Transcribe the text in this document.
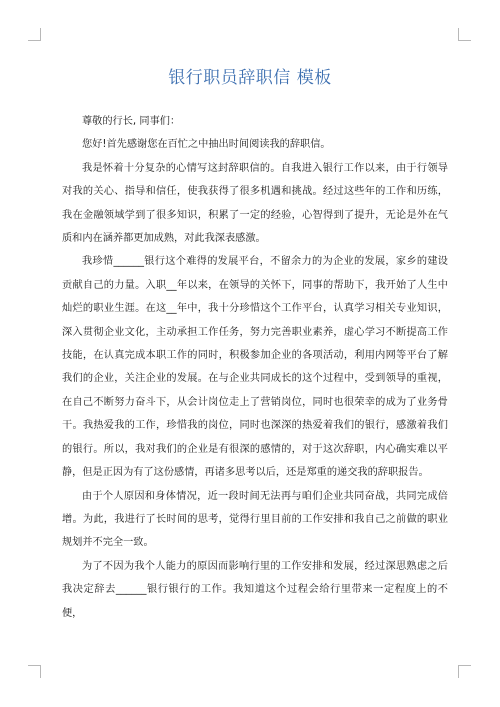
银行职员辞职信 模板

尊敬的行长, 同事们：

您好!首先感谢您在百忙之中抽出时间阅读我的辞职信。

我是怀着十分复杂的心情写这封辞职信的。自我进入银行工作以来，由于行领导对我的关心、指导和信任，使我获得了很多机遇和挑战。经过这些年的工作和历练，我在金融领域学到了很多知识，积累了一定的经验，心智得到了提升，无论是外在气质和内在涵养都更加成熟，对此我深表感激。

我珍惜______银行这个难得的发展平台，不留余力的为企业的发展，家乡的建设贡献自己的力量。入职__年以来，在领导的关怀下，同事的帮助下，我开始了人生中灿烂的职业生涯。在这__年中，我十分珍惜这个工作平台，认真学习相关专业知识，深入贯彻企业文化，主动承担工作任务，努力完善职业素养，虚心学习不断提高工作技能，在认真完成本职工作的同时，积极参加企业的各项活动，利用内网等平台了解我们的企业，关注企业的发展。在与企业共同成长的这个过程中，受到领导的重视，在自己不断努力奋斗下，从会计岗位走上了营销岗位，同时也很荣幸的成为了业务骨干。我热爱我的工作，珍惜我的岗位，同时也深深的热爱着我们的银行，感激着我们的银行。所以，我对我们的企业是有很深的感情的，对于这次辞职，内心确实难以平静，但是正因为有了这份感情，再诸多思考以后，还是郑重的递交我的辞职报告。

由于个人原因和身体情况，近一段时间无法再与咱们企业共同奋战，共同完成倍增。为此，我进行了长时间的思考，觉得行里目前的工作安排和我自己之前做的职业规划并不完全一致。

为了不因为我个人能力的原因而影响行里的工作安排和发展，经过深思熟虑之后我决定辞去______银行银行的工作。我知道这个过程会给行里带来一定程度上的不便，
